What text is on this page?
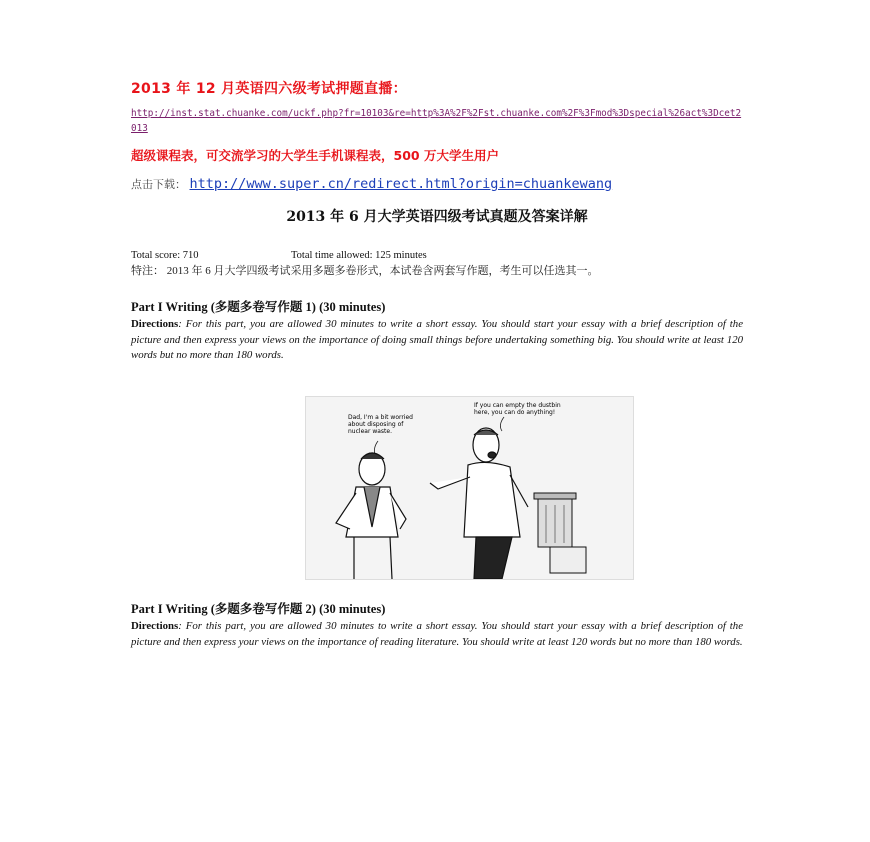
2013 年 12 月英语四六级考试押题直播：
http://inst.stat.chuanke.com/uckf.php?fr=10103&re=http%3A%2F%2Fst.chuanke.com%2F%3Fmod%3Dspecial%26act%3Dcet2013
超级课程表，可交流学习的大学生手机课程表，500 万大学生用户
点击下载： http://www.super.cn/redirect.html?origin=chuankewang
2013 年 6 月大学英语四级考试真题及答案详解
Total score: 710	Total time allowed: 125 minutes

特注： 2013 年 6 月大学四级考试采用多题多卷形式，本试卷含两套写作题，考生可以任选其一。

Part I Writing (多题多卷写作题 1) (30 minutes)

Directions: For this part, you are allowed 30 minutes to write a short essay. You should start your essay with a brief description of the picture and then express your views on the importance of doing small things before undertaking something big. You should write at least 120 words but no more than 180 words.

Dad, I'm a bit worried about disposing of nuclear waste.
If you can empty the dustbin here, you can do anything!
Part I Writing (多题多卷写作题 2) (30 minutes)

Directions: For this part, you are allowed 30 minutes to write a short essay. You should start your essay with a brief description of the picture and then express your views on the importance of reading literature. You should write at least 120 words but no more than 180 words.
